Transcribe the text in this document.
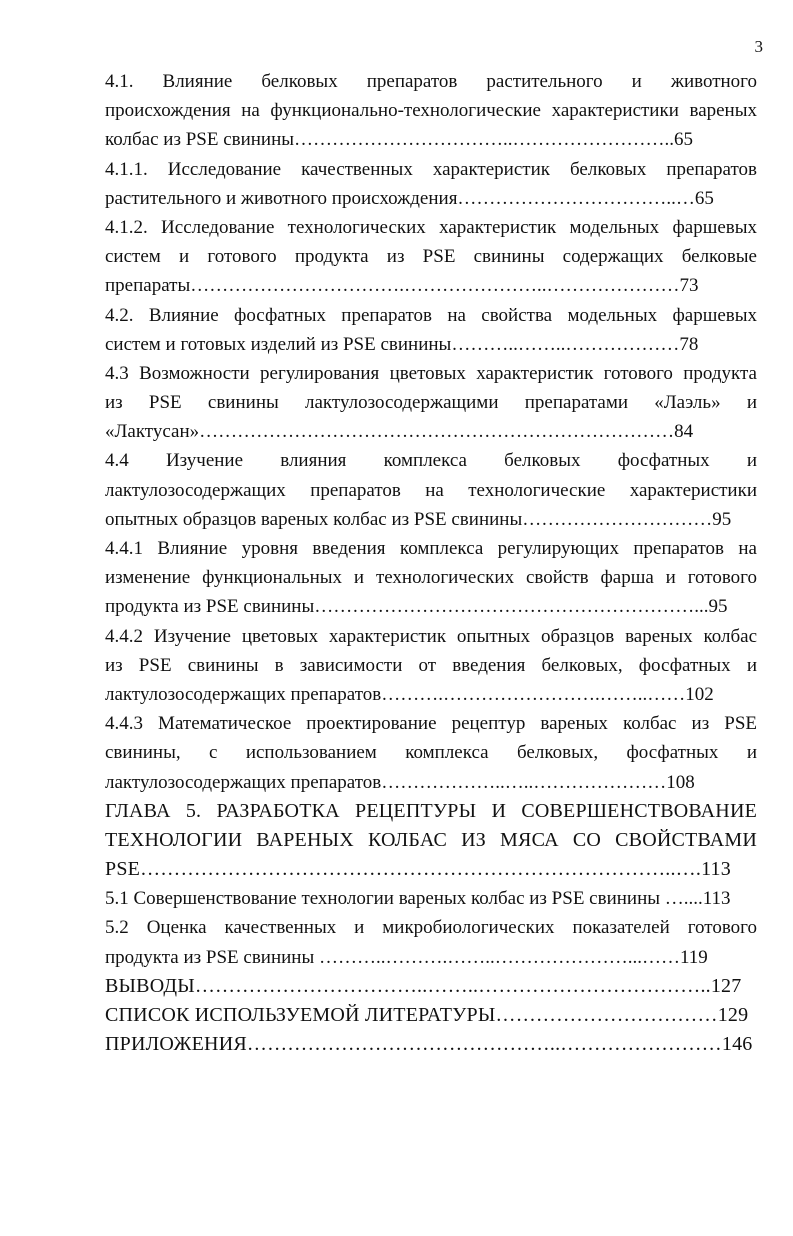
3
4.1. Влияние белковых препаратов растительного и животного
происхождения на функционально-технологические характеристики вареных
колбас из PSE свинины……………………………..……………………..65
4.1.1. Исследование качественных характеристик белковых препаратов
растительного и животного происхождения……………………………..…65
4.1.2. Исследование технологических характеристик модельных фаршевых
систем и готового продукта из PSE свинины содержащих белковые
препараты…………………………….…………………..…………………73
4.2. Влияние фосфатных препаратов на свойства модельных фаршевых
систем и готовых изделий из PSE свинины………..……..………………78
4.3 Возможности регулирования цветовых характеристик готового продукта
из PSE свинины лактулозосодержащими препаратами «Лаэль» и
«Лактусан»…………………………………………………………………84
4.4 Изучение влияния комплекса белковых фосфатных и
лактулозосодержащих препаратов на технологические характеристики
опытных образцов вареных колбас из PSE свинины…………………………95
4.4.1 Влияние уровня введения комплекса регулирующих препаратов на
изменение функциональных и технологических свойств фарша и готового
продукта из PSE свинины……………………………………………………...95
4.4.2 Изучение цветовых характеристик опытных образцов вареных колбас
из PSE свинины в зависимости от введения белковых, фосфатных и
лактулозосодержащих препаратов……….…………………….……..……102
4.4.3 Математическое проектирование рецептур вареных колбас из PSE
свинины, с использованием комплекса белковых, фосфатных и
лактулозосодержащих препаратов………………..…..…………………108
ГЛАВА 5. РАЗРАБОТКА РЕЦЕПТУРЫ И СОВЕРШЕНСТВОВАНИЕ
ТЕХНОЛОГИИ ВАРЕНЫХ КОЛБАС ИЗ МЯСА СО СВОЙСТВАМИ
PSE……………………………………………………………………..….113
5.1 Совершенствование технологии вареных колбас из PSE свинины …....113
5.2 Оценка качественных и микробиологических показателей готового
продукта из PSE свинины ………..……….……..…………………...……119
ВЫВОДЫ……………………………..……..……………………………..127
СПИСОК ИСПОЛЬЗУЕМОЙ ЛИТЕРАТУРЫ……………………………129
ПРИЛОЖЕНИЯ………………………………………..……………………146
